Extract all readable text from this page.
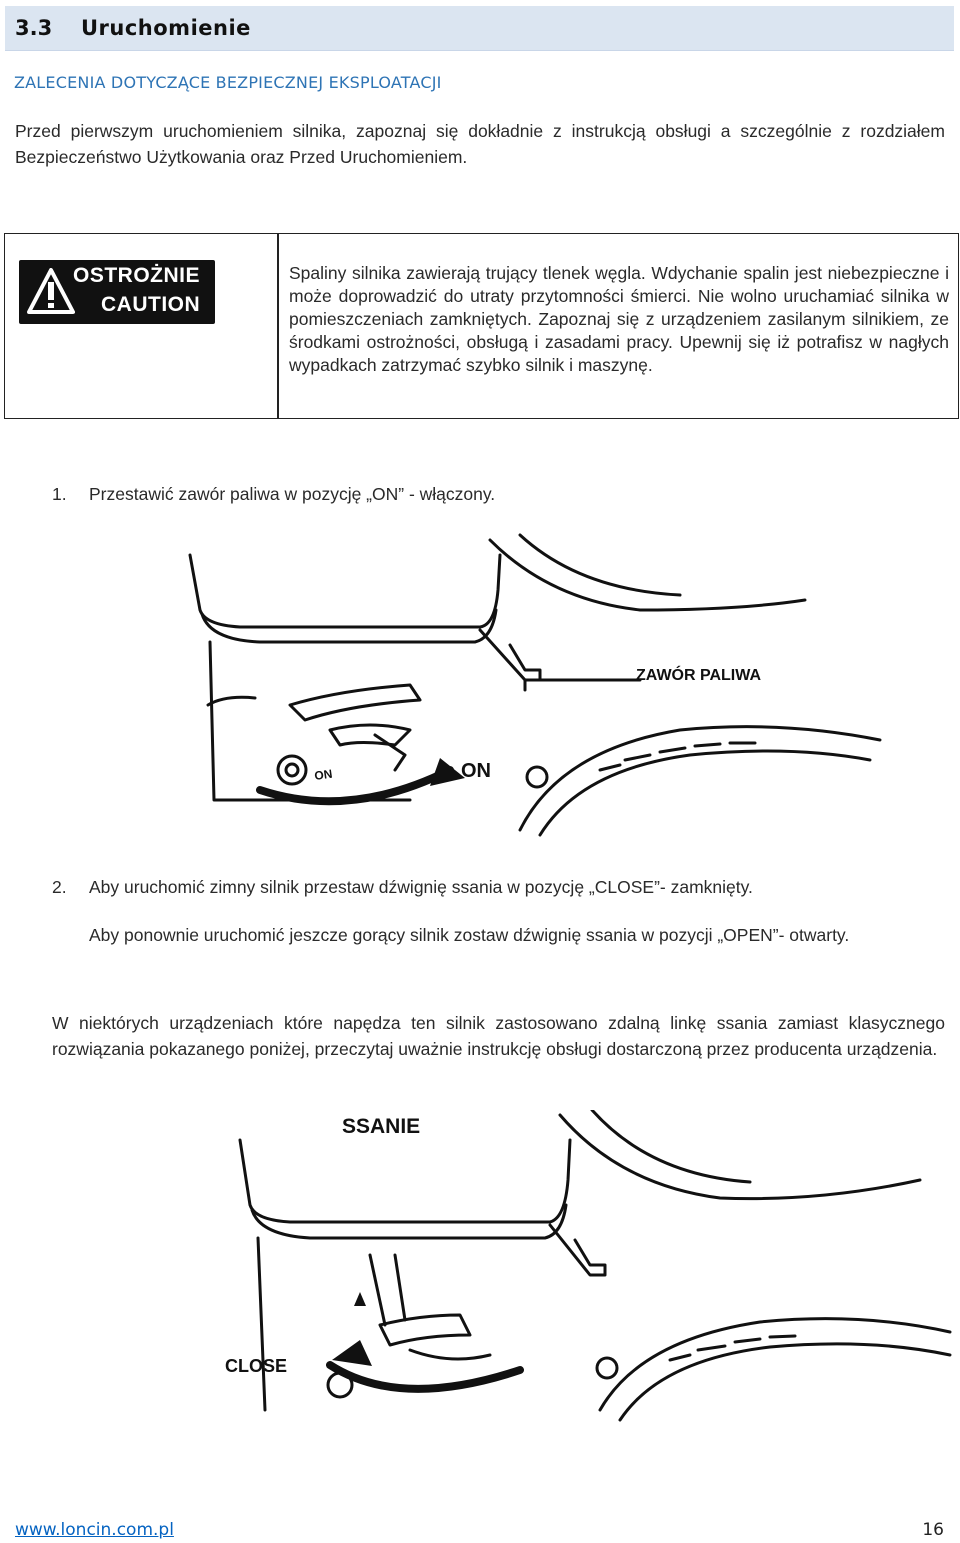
3.3 Uruchomienie
ZALECENIA DOTYCZĄCE BEZPIECZNEJ EKSPLOATACJI
Przed pierwszym uruchomieniem silnika, zapoznaj się dokładnie z instrukcją obsługi a szczególnie z rozdziałem Bezpieczeństwo Użytkowania oraz Przed Uruchomieniem.
OSTROŻNIE
CAUTION
Spaliny silnika zawierają trujący tlenek węgla. Wdychanie spalin jest niebezpieczne i może doprowadzić do utraty przytomności śmierci. Nie wolno uruchamiać silnika w pomieszczeniach zamkniętych. Zapoznaj się z urządzeniem zasilanym silnikiem, ze środkami ostrożności, obsługą i zasadami pracy. Upewnij się iż potrafisz w nagłych wypadkach zatrzymać szybko silnik i maszynę.
1. Przestawić zawór paliwa w pozycję „ON” - włączony.
ON
ZAWÓR PALIWA
ON
2. Aby uruchomić zimny silnik przestaw dźwignię ssania w pozycję „CLOSE”- zamknięty.
Aby ponownie uruchomić jeszcze gorący silnik zostaw dźwignię ssania w pozycji „OPEN”- otwarty.
W niektórych urządzeniach które napędza ten silnik zastosowano zdalną linkę ssania zamiast klasycznego rozwiązania pokazanego poniżej, przeczytaj uważnie instrukcję obsługi dostarczoną przez producenta urządzenia.
SSANIE
CLOSE
www.loncin.com.pl	16
